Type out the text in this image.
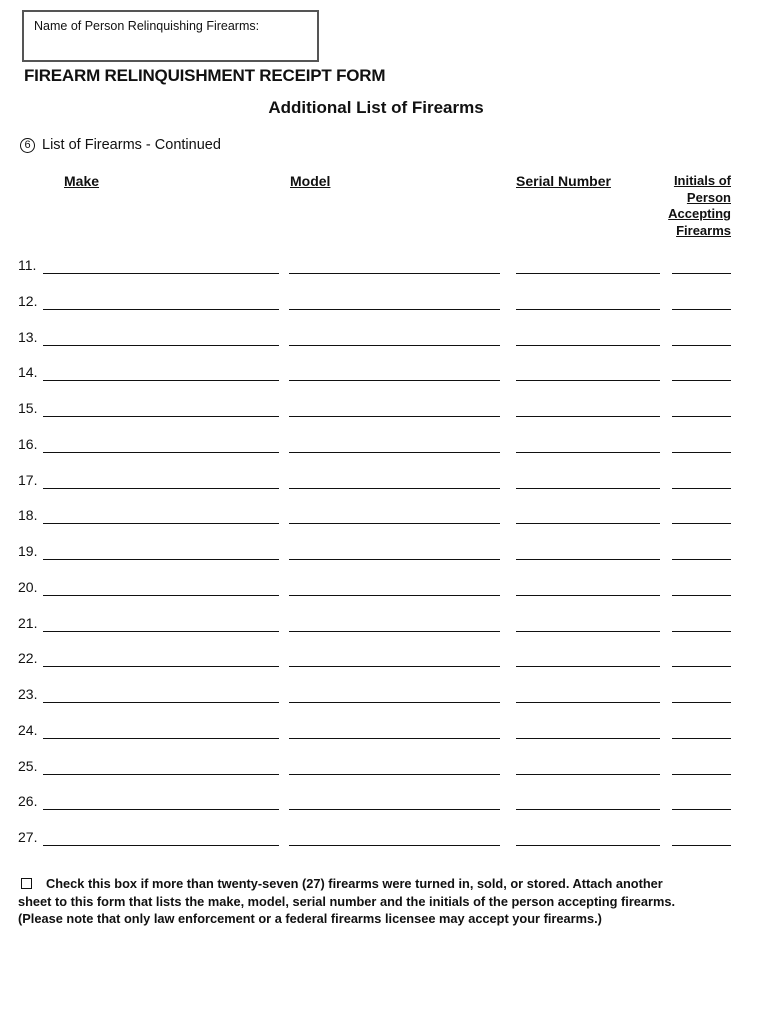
Name of Person Relinquishing Firearms:
FIREARM RELINQUISHMENT RECEIPT FORM
Additional List of Firearms
6 List of Firearms - Continued
Make	Model	Serial Number	Initials of
Person
Accepting
Firearms
11.
12.
13.
14.
15.
16.
17.
18.
19.
20.
21.
22.
23.
24.
25.
26.
27.
Check this box if more than twenty-seven (27) firearms were turned in, sold, or stored. Attach another
sheet to this form that lists the make, model, serial number and the initials of the person accepting firearms.
(Please note that only law enforcement or a federal firearms licensee may accept your firearms.)
